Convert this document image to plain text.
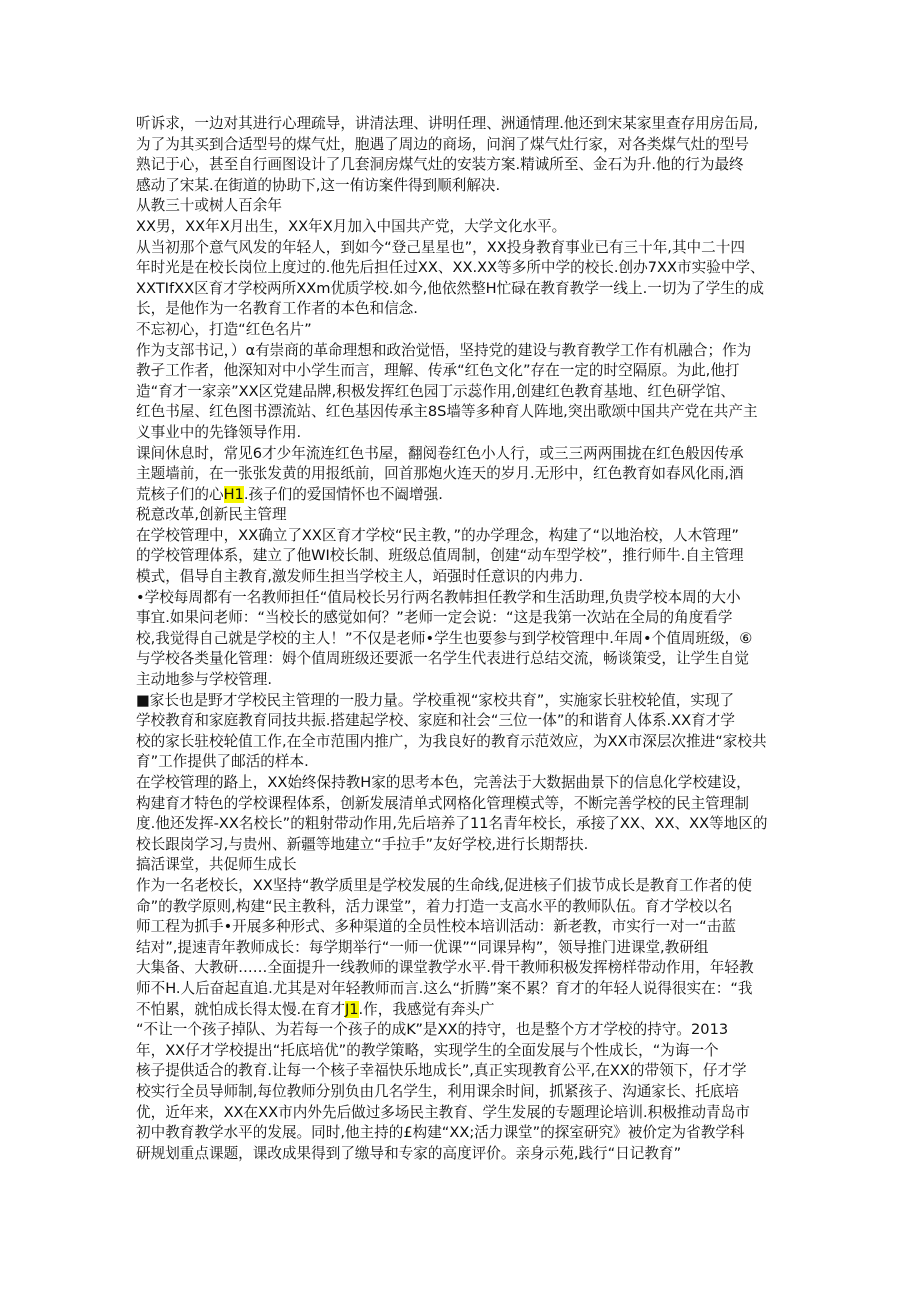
听诉求，一边对其进行心理疏导，讲清法理、讲明任理、洲通情理.他还到宋某家里查存用房缶局,
为了为其买到合适型号的煤气灶，胞遇了周边的商场，问润了煤气灶行家，对各类煤气灶的型号
熟记于心，甚至自行画图设计了几套洞房煤气灶的安装方案.精诚所至、金石为升.他的行为最终
感动了宋某.在街道的协助下,这一侑访案件得到顺利解决.
从教三十或树人百余年
XX男，XX年X月出生，XX年X月加入中国共产党，大学文化水平。
从当初那个意气风发的年轻人，到如今“登己星星也”，XX投身教育事业已有三十年,其中二十四
年时光是在校长岗位上度过的.他先后担任过XX、XX.XX等多所中学的校长.创办7XX市实验中学、
XXTIfXX区育才学校两所XXm优质学校.如今,他依然整H忙碌在教育教学一线上.一切为了学生的成
长，是他作为一名教育工作者的本色和信念.
不忘初心，打造“红色名片”
作为支部书记，）α有崇商的革命理想和政治觉悟，坚持党的建设与教育教学工作有机融合；作为
教孑工作者，他深知对中小学生而言，理解、传承“红色文化”存在一定的时空隔原。为此,他打
造“育才一家亲”XX区党建品牌,积极发挥红色园丁示蕊作用,创建红色教育基地、红色研学馆、
红色书屋、红色图书漂流站、红色基因传承主8S墙等多种育人阵地,突出歌颂中国共产党在共产主
义事业中的先锋领导作用.
课间休息时，常见6才少年流连红色书屋，翻阅卷红色小人行，或三三两两围拢在红色般因传承
主题墙前，在一张张发黄的用报纸前，回首那炮火连天的岁月.无形中，红色教育如春风化雨,酒
荒核子们的心H1.孩子们的爱国情怀也不阖增强.
税意改革,创新民主管理
在学校管理中，XX确立了XX区育才学校“民主教，”的办学理念，构建了“以地治校，人木管理”
的学校管理体系，建立了他WI校长制、班级总值周制，创建“动车型学校”，推行师牛.自主管理
模式，倡导自主教育,激发师生担当学校主人，竡强时任意识的内弗力.
•学校每周都有一名教师担任“值局校长另行两名教帏担任教学和生活助理,负贵学校本周的大小
事宜.如果问老师：“当校长的感觉如何？”老师一定会说：“这是我第一次站在全局的角度看学
校,我觉得自己就是学校的主人！”不仅是老师•学生也要参与到学校管理中.年周•个值周班级，⑥
与学校各类量化管理：姆个值周班级还要派一名学生代表进行总结交流，畅谈策受，让学生自觉
主动地参与学校管理.
■家长也是野才学校民主管理的一股力量。学校重视“家校共育”，实施家长驻校轮值，实现了
学校教育和家庭教育同技共振.搭建起学校、家庭和社会“三位一体”的和谐育人体系.XX育才学
校的家长驻校轮值工作,在全市范围内推广，为我良好的教育示范效应，为XX市深层次推进“家校共
育”工作提供了邮活的样本.
在学校管理的路上，XX始终保持教H家的思考本色，完善法于大数据曲景下的信息化学校建设，
构建育才特色的学校课程体系，创新发展清单式网格化管理模式等，不断完善学校的民主管理制
度.他还发挥-XX名校长”的粗射带动作用,先后培养了11名青年校长，承接了XX、XX、XX等地区的
校长跟岗学习,与贵州、新疆等地建立“手拉手”友好学校,进行长期帮扶.
搞活课堂，共促师生成长
作为一名老校长，XX坚持“教学质里是学校发展的生命线,促进核子们拔节成长是教育工作者的使
命”的教学原则,构建“民主教科，活力课堂”，着力打造一支高水平的教师队伍。育才学校以名
师工程为抓手•开展多种形式、多种渠道的全员性校本培训活动：新老教，市实行一对一“击蓝
结对”,提速青年教师成长：每学期举行“一师一优课”“同课异构”，领导推门进课堂,教研组
大集备、大教研……全面提升一线教师的课堂教学水平.骨干教师积极发挥榜样带动作用，年轻教
师不H.人后奋起直追.尤其是对年轻教师而言.这么“折腾”案不累？育才的年轻人说得很实在：“我
不怕累，就怕成长得太慢.在育才J1.作，我感觉有奔头广
“不让一个孩子掉队、为若每一个孩子的成K”是XX的持守，也是整个方才学校的持守。2013
年，XX仔才学校提出“托底培优”的教学策略，实现学生的全面发展与个性成长，“为诲一个
核子提供适合的教育.让每一个核子幸福快乐地成长”,真正实现教育公平,在XX的带领下，仔才学
校实行全员导师制,每位教师分别负由几名学生，利用课余时间，抓紧孩子、沟通家长、托底培
优，近年来，XX在XX市内外先后做过多场民主教育、学生发展的专题理论培训.积极推动青岛市
初中教育教学水平的发展。同时,他主持的£构建“XX;活力课堂”的探室研究》被价定为省教学科
研规划重点课题，课改成果得到了缴导和专家的高度评价。亲身示苑,践行“日记教育”
